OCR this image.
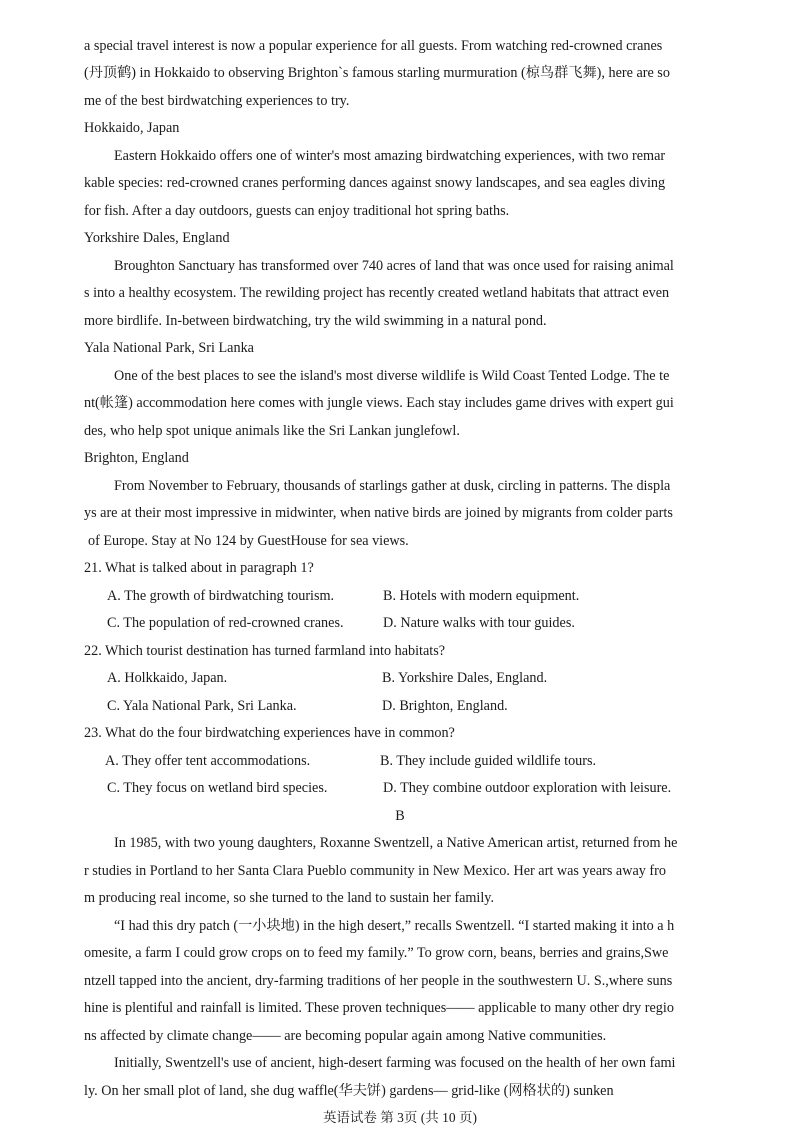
a special travel interest is now a popular experience for all guests. From watching red-crowned cranes
(丹顶鹤) in Hokkaido to observing Brighton`s famous starling murmuration (椋鸟群飞舞), here are so
me of the best birdwatching experiences to try.
Hokkaido, Japan
Eastern Hokkaido offers one of winter's most amazing birdwatching experiences, with two remar
kable species: red-crowned cranes performing dances against snowy landscapes, and sea eagles diving
for fish. After a day outdoors, guests can enjoy traditional hot spring baths.
Yorkshire Dales, England
Broughton Sanctuary has transformed over 740 acres of land that was once used for raising animal
s into a healthy ecosystem. The rewilding project has recently created wetland habitats that attract even
more birdlife. In-between birdwatching, try the wild swimming in a natural pond.
Yala National Park, Sri Lanka
One of the best places to see the island's most diverse wildlife is Wild Coast Tented Lodge. The te
nt(帐篷) accommodation here comes with jungle views. Each stay includes game drives with expert gui
des, who help spot unique animals like the Sri Lankan junglefowl.
Brighton, England
From November to February, thousands of starlings gather at dusk, circling in patterns. The displa
ys are at their most impressive in midwinter, when native birds are joined by migrants from colder parts
of Europe. Stay at No 124 by GuestHouse for sea views.
21. What is talked about in paragraph 1?
A. The growth of birdwatching tourism.	B. Hotels with modern equipment.
C. The population of red-crowned cranes.	D. Nature walks with tour guides.
22. Which tourist destination has turned farmland into habitats?
A. Holkkaido, Japan.	B. Yorkshire Dales, England.
C. Yala National Park, Sri Lanka.	D. Brighton, England.
23. What do the four birdwatching experiences have in common?
A. They offer tent accommodations.	B. They include guided wildlife tours.
C. They focus on wetland bird species.	D. They combine outdoor exploration with leisure.
B
In 1985, with two young daughters, Roxanne Swentzell, a Native American artist, returned from he
r studies in Portland to her Santa Clara Pueblo community in New Mexico. Her art was years away fro
m producing real income, so she turned to the land to sustain her family.
“I had this dry patch (一小块地) in the high desert,” recalls Swentzell. “I started making it into a h
omesite, a farm I could grow crops on to feed my family.” To grow corn, beans, berries and grains,Swe
ntzell tapped into the ancient, dry-farming traditions of her people in the southwestern U. S.,where suns
hine is plentiful and rainfall is limited. These proven techniques—— applicable to many other dry regio
ns affected by climate change—— are becoming popular again among Native communities.
Initially, Swentzell's use of ancient, high-desert farming was focused on the health of her own fami
ly. On her small plot of land, she dug waffle(华夫饼) gardens— grid-like (网格状的) sunken
英语试卷 第 3页 (共 10 页)
